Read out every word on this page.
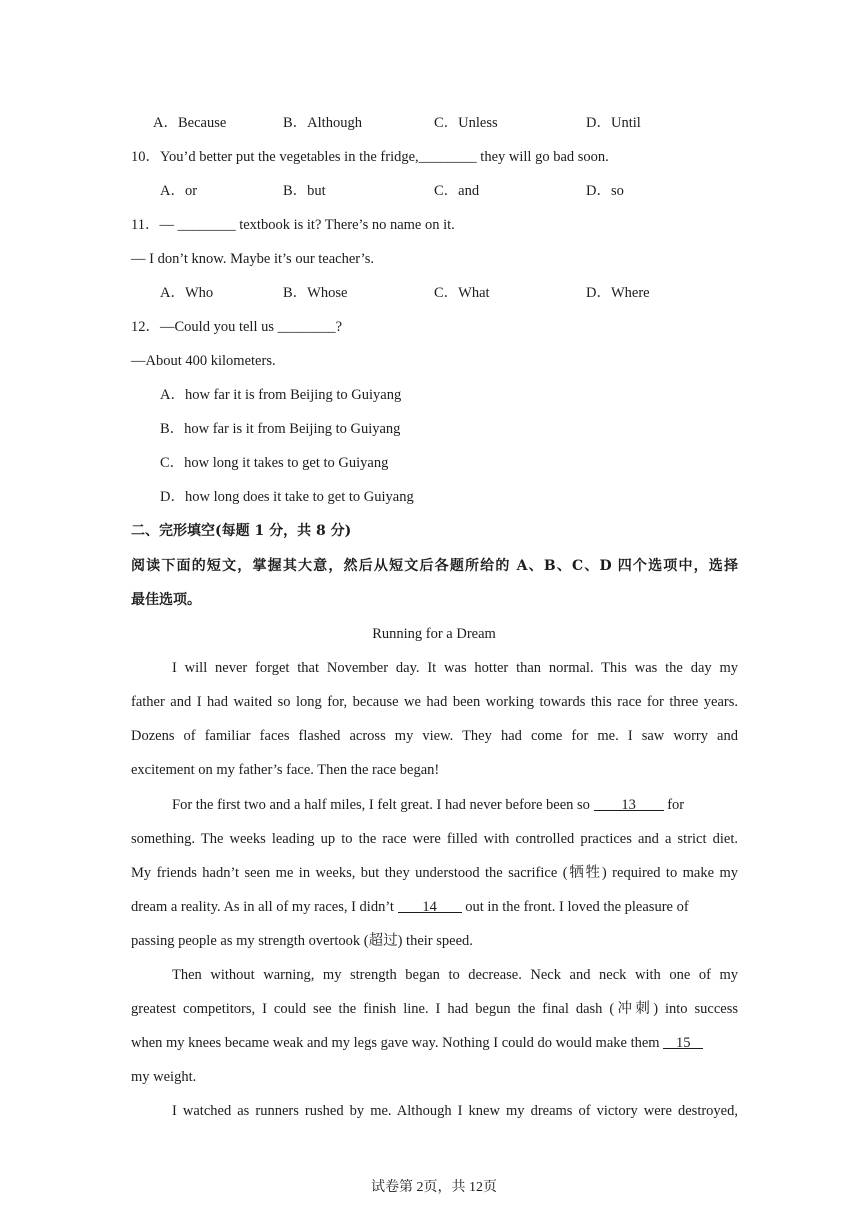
A．Because	B．Although	C．Unless	D．Until
10．You’d better put the vegetables in the fridge,________ they will go bad soon.
A．or	B．but	C．and	D．so
11．— ________ textbook is it? There’s no name on it.
— I don’t know. Maybe it’s our teacher’s.
A．Who	B．Whose	C．What	D．Where
12．—Could you tell us ________?
—About 400 kilometers.
A．how far it is from Beijing to Guiyang
B．how far is it from Beijing to Guiyang
C．how long it takes to get to Guiyang
D．how long does it take to get to Guiyang
二、完形填空(每题 1 分，共 8 分)
阅读下面的短文，掌握其大意，然后从短文后各题所给的 A、B、C、D 四个选项中，选择
最佳选项。
Running for a Dream
I will never forget that November day. It was hotter than normal. This was the day my
father and I had waited so long for, because we had been working towards this race for three years.
Dozens of familiar faces flashed across my view. They had come for me. I saw worry and
excitement on my father’s face. Then the race began!
For the first two and a half miles, I felt great. I had never before been so 13 for
something. The weeks leading up to the race were filled with controlled practices and a strict diet.
My friends hadn’t seen me in weeks, but they understood the sacrifice (牺牲) required to make my
dream a reality. As in all of my races, I didn’t 14 out in the front. I loved the pleasure of
passing people as my strength overtook (超过) their speed.
Then without warning, my strength began to decrease. Neck and neck with one of my
greatest competitors, I could see the finish line. I had begun the final dash (冲刺) into success
when my knees became weak and my legs gave way. Nothing I could do would make them 15
my weight.
I watched as runners rushed by me. Although I knew my dreams of victory were destroyed,
试卷第 2页，共 12页
